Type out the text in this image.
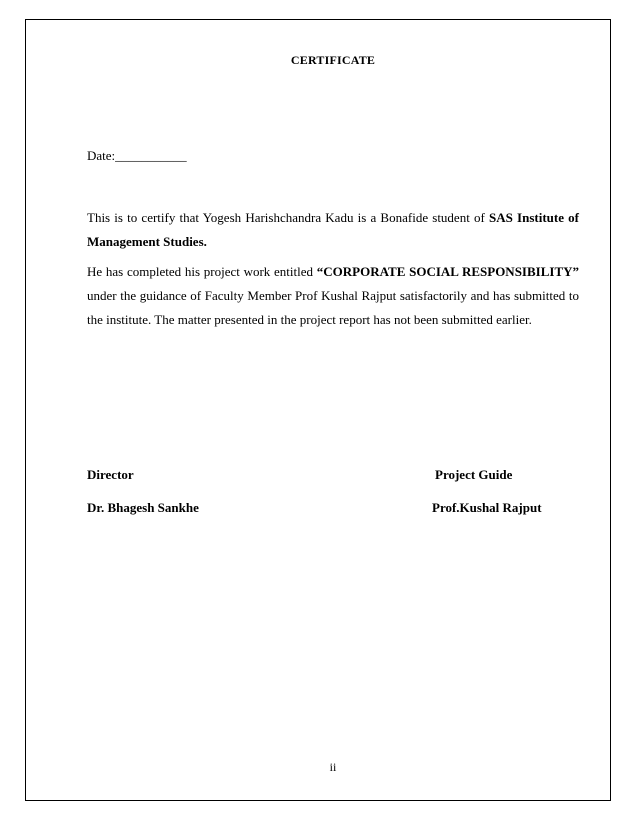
CERTIFICATE
Date:___________
This is to certify that Yogesh Harishchandra Kadu is a Bonafide student of SAS Institute of Management Studies.
He has completed his project work entitled “CORPORATE SOCIAL RESPONSIBILITY” under the guidance of Faculty Member Prof Kushal Rajput satisfactorily and has submitted to the institute. The matter presented in the project report has not been submitted earlier.
Director
Dr. Bhagesh Sankhe
Project Guide
Prof.Kushal Rajput
ii
